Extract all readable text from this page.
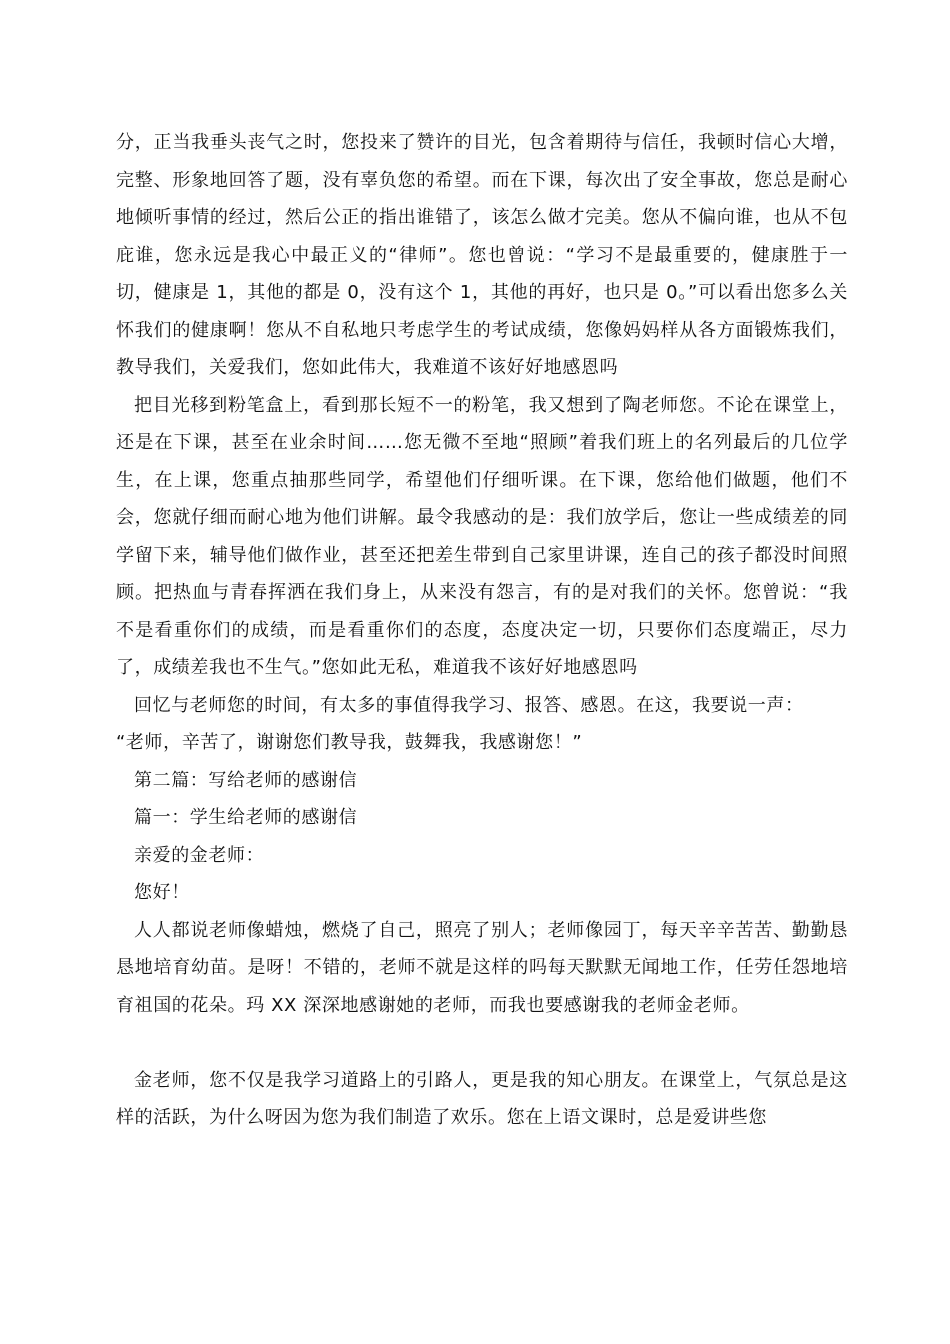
分，正当我垂头丧气之时，您投来了赞许的目光，包含着期待与信任，我顿时信心大增，完整、形象地回答了题，没有辜负您的希望。而在下课，每次出了安全事故，您总是耐心地倾听事情的经过，然后公正的指出谁错了，该怎么做才完美。您从不偏向谁，也从不包庇谁，您永远是我心中最正义的“律师”。您也曾说：“学习不是最重要的，健康胜于一切，健康是 1，其他的都是 0，没有这个 1，其他的再好，也只是 0。”可以看出您多么关怀我们的健康啊！您从不自私地只考虑学生的考试成绩，您像妈妈样从各方面锻炼我们，教导我们，关爱我们，您如此伟大，我难道不该好好地感恩吗

把目光移到粉笔盒上，看到那长短不一的粉笔，我又想到了陶老师您。不论在课堂上，还是在下课，甚至在业余时间……您无微不至地“照顾”着我们班上的名列最后的几位学生，在上课，您重点抽那些同学，希望他们仔细听课。在下课，您给他们做题，他们不会，您就仔细而耐心地为他们讲解。最令我感动的是：我们放学后，您让一些成绩差的同学留下来，辅导他们做作业，甚至还把差生带到自己家里讲课，连自己的孩子都没时间照顾。把热血与青春挥洒在我们身上，从来没有怨言，有的是对我们的关怀。您曾说：“我不是看重你们的成绩，而是看重你们的态度，态度决定一切，只要你们态度端正，尽力了，成绩差我也不生气。”您如此无私，难道我不该好好地感恩吗

回忆与老师您的时间，有太多的事值得我学习、报答、感恩。在这，我要说一声：

“老师，辛苦了，谢谢您们教导我，鼓舞我，我感谢您！”

第二篇：写给老师的感谢信

篇一：学生给老师的感谢信

亲爱的金老师：

您好！

人人都说老师像蜡烛，燃烧了自己，照亮了别人；老师像园丁，每天辛辛苦苦、勤勤恳恳地培育幼苗。是呀！不错的，老师不就是这样的吗每天默默无闻地工作，任劳任怨地培育祖国的花朵。玛 XX 深深地感谢她的老师，而我也要感谢我的老师金老师。

金老师，您不仅是我学习道路上的引路人，更是我的知心朋友。在课堂上，气氛总是这样的活跃，为什么呀因为您为我们制造了欢乐。您在上语文课时，总是爱讲些您
